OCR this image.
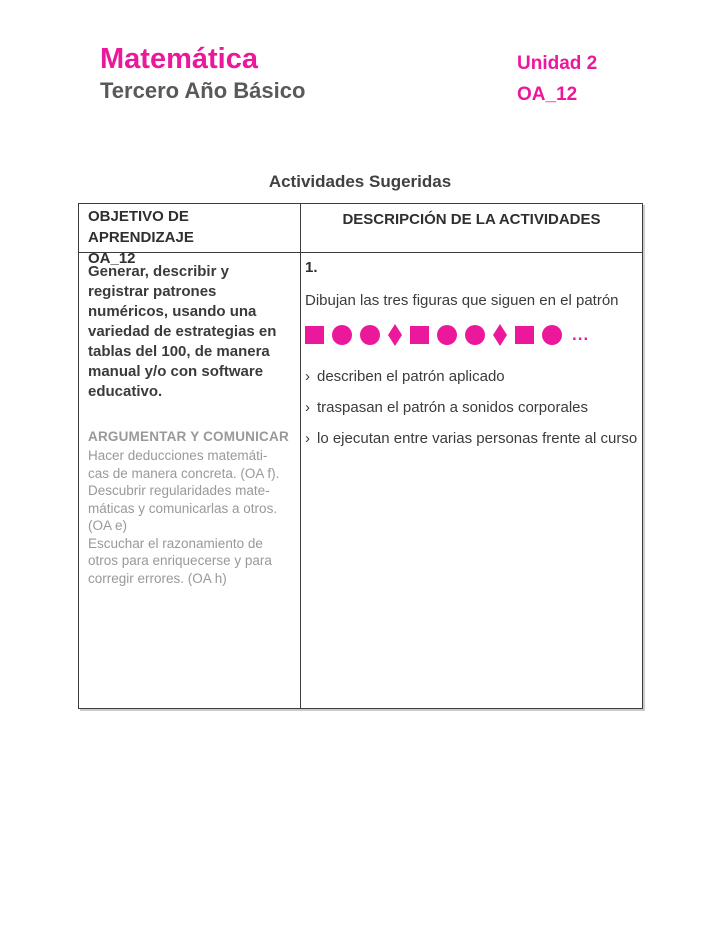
Matemática
Tercero Año Básico
Unidad 2
OA_12
Actividades Sugeridas
OBJETIVO DE APRENDIZAJE
OA_12
DESCRIPCIÓN DE LA ACTIVIDADES
Generar, describir y registrar patrones numéricos, usando una variedad de estrategias en tablas del 100, de manera manual y/o con software educativo.
ARGUMENTAR Y COMUNICAR
Hacer deducciones matemáti-
cas de manera concreta. (OA f).
Descubrir regularidades mate-
máticas y comunicarlas a otros.
(OA e)
Escuchar el razonamiento de
otros para enriquecerse y para
corregir errores. (OA h)
1.
Dibujan las tres figuras que siguen en el patrón
...
› describen el patrón aplicado
› traspasan el patrón a sonidos corporales
› lo ejecutan entre varias personas frente al curso
